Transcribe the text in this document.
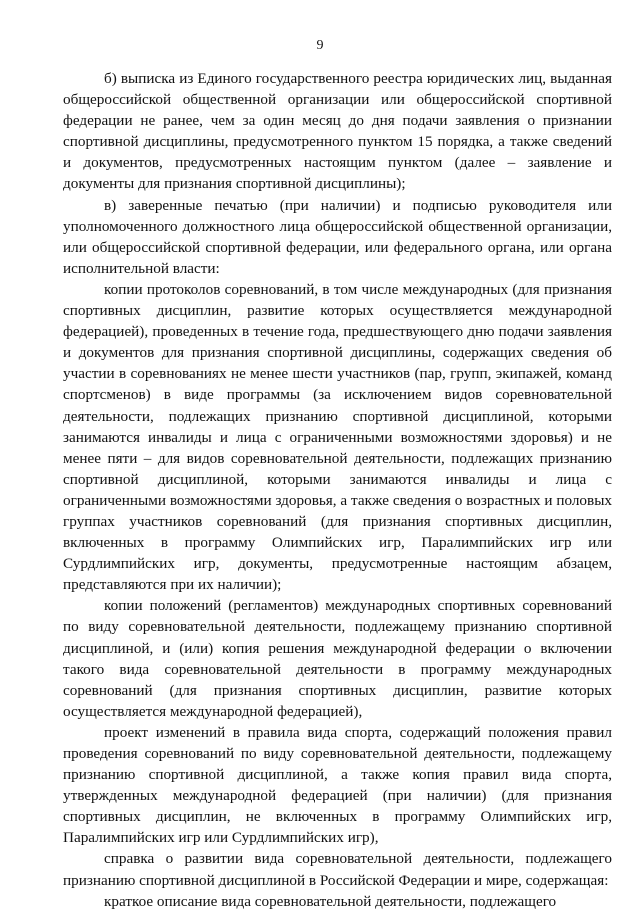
9

б) выписка из Единого государственного реестра юридических лиц, выданная общероссийской общественной организации или общероссийской спортивной федерации не ранее, чем за один месяц до дня подачи заявления о признании спортивной дисциплины, предусмотренного пунктом 15 порядка, а также сведений и документов, предусмотренных настоящим пунктом (далее – заявление и документы для признания спортивной дисциплины);

в) заверенные печатью (при наличии) и подписью руководителя или уполномоченного должностного лица общероссийской общественной организации, или общероссийской спортивной федерации, или федерального органа, или органа исполнительной власти:

копии протоколов соревнований, в том числе международных (для признания спортивных дисциплин, развитие которых осуществляется международной федерацией), проведенных в течение года, предшествующего дню подачи заявления и документов для признания спортивной дисциплины, содержащих сведения об участии в соревнованиях не менее шести участников (пар, групп, экипажей, команд спортсменов) в виде программы (за исключением видов соревновательной деятельности, подлежащих признанию спортивной дисциплиной, которыми занимаются инвалиды и лица с ограниченными возможностями здоровья) и не менее пяти – для видов соревновательной деятельности, подлежащих признанию спортивной дисциплиной, которыми занимаются инвалиды и лица с ограниченными возможностями здоровья, а также сведения о возрастных и половых группах участников соревнований (для признания спортивных дисциплин, включенных в программу Олимпийских игр, Паралимпийских игр или Сурдлимпийских игр, документы, предусмотренные настоящим абзацем, представляются при их наличии);

копии положений (регламентов) международных спортивных соревнований по виду соревновательной деятельности, подлежащему признанию спортивной дисциплиной, и (или) копия решения международной федерации о включении такого вида соревновательной деятельности в программу международных соревнований (для признания спортивных дисциплин, развитие которых осуществляется международной федерацией),

проект изменений в правила вида спорта, содержащий положения правил проведения соревнований по виду соревновательной деятельности, подлежащему признанию спортивной дисциплиной, а также копия правил вида спорта, утвержденных международной федерацией (при наличии) (для признания спортивных дисциплин, не включенных в программу Олимпийских игр, Паралимпийских игр или Сурдлимпийских игр),

справка о развитии вида соревновательной деятельности, подлежащего признанию спортивной дисциплиной в Российской Федерации и мире, содержащая:

краткое описание вида соревновательной деятельности, подлежащего
